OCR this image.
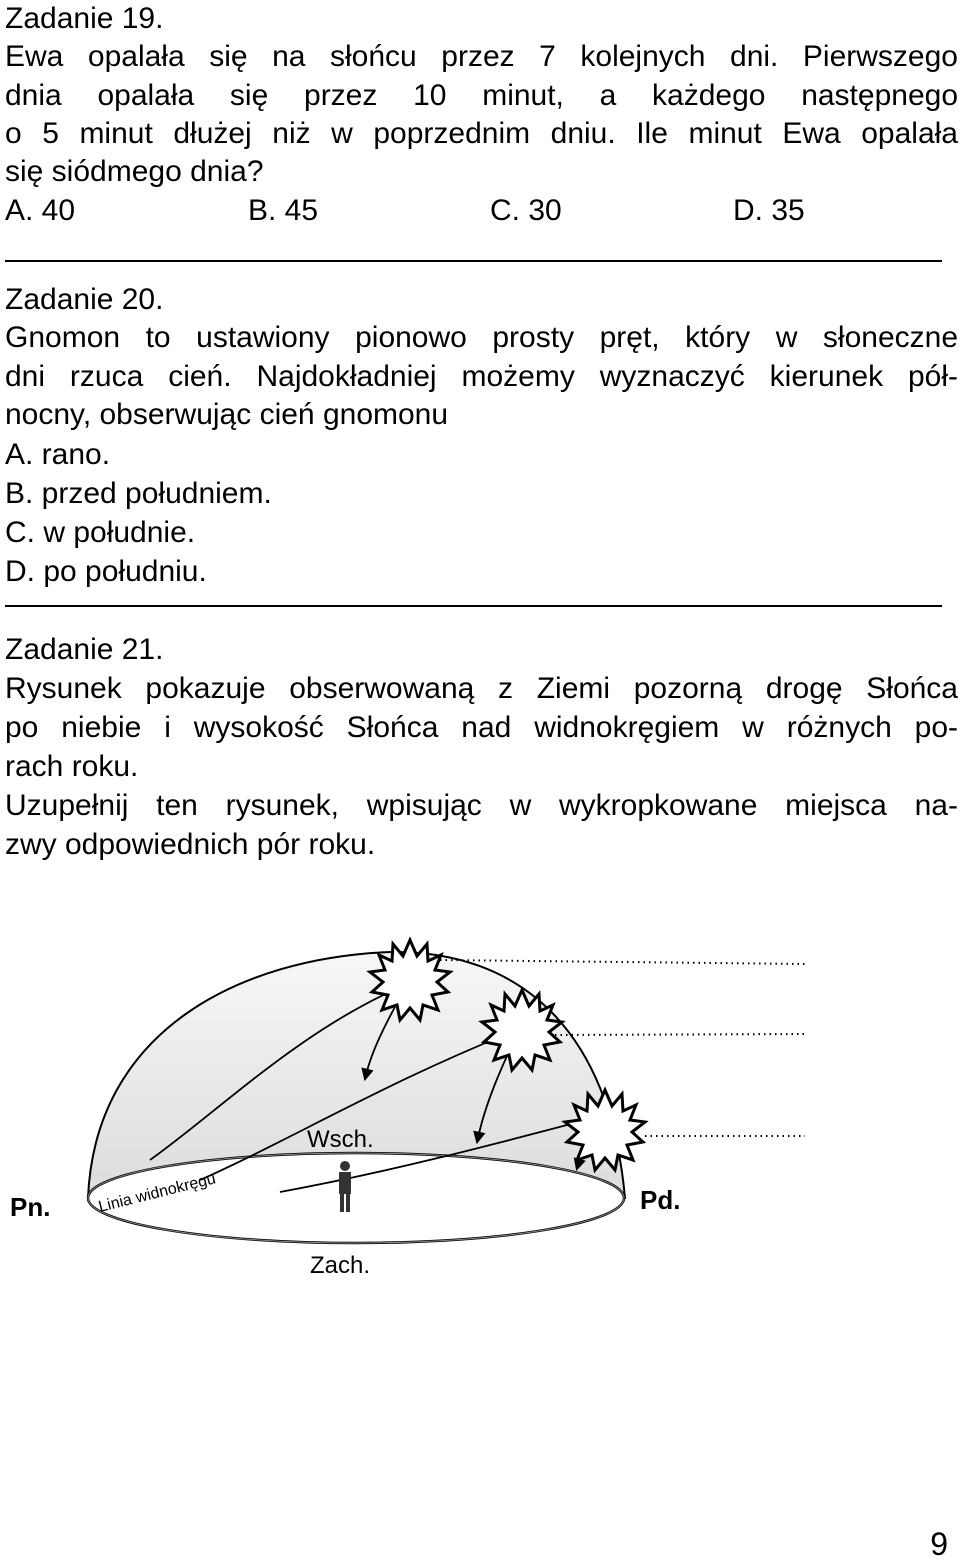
Zadanie 19.
Ewa opalała się na słońcu przez 7 kolejnych dni. Pierwszego
dnia opalała się przez 10 minut, a każdego następnego
o 5 minut dłużej niż w poprzednim dniu. Ile minut Ewa opalała
się siódmego dnia?
A. 40	B. 45	C. 30	D. 35
Zadanie 20.
Gnomon to ustawiony pionowo prosty pręt, który w słoneczne
dni rzuca cień. Najdokładniej możemy wyznaczyć kierunek pół-
nocny, obserwując cień gnomonu
A. rano.
B. przed południem.
C. w południe.
D. po południu.
Zadanie 21.
Rysunek pokazuje obserwowaną z Ziemi pozorną drogę Słońca
po niebie i wysokość Słońca nad widnokręgiem w różnych po-
rach roku.
Uzupełnij ten rysunek, wpisując w wykropkowane miejsca na-
zwy odpowiednich pór roku.
Linia widnokręgu
Wsch.
Pn.	Pd.
Zach.
9
